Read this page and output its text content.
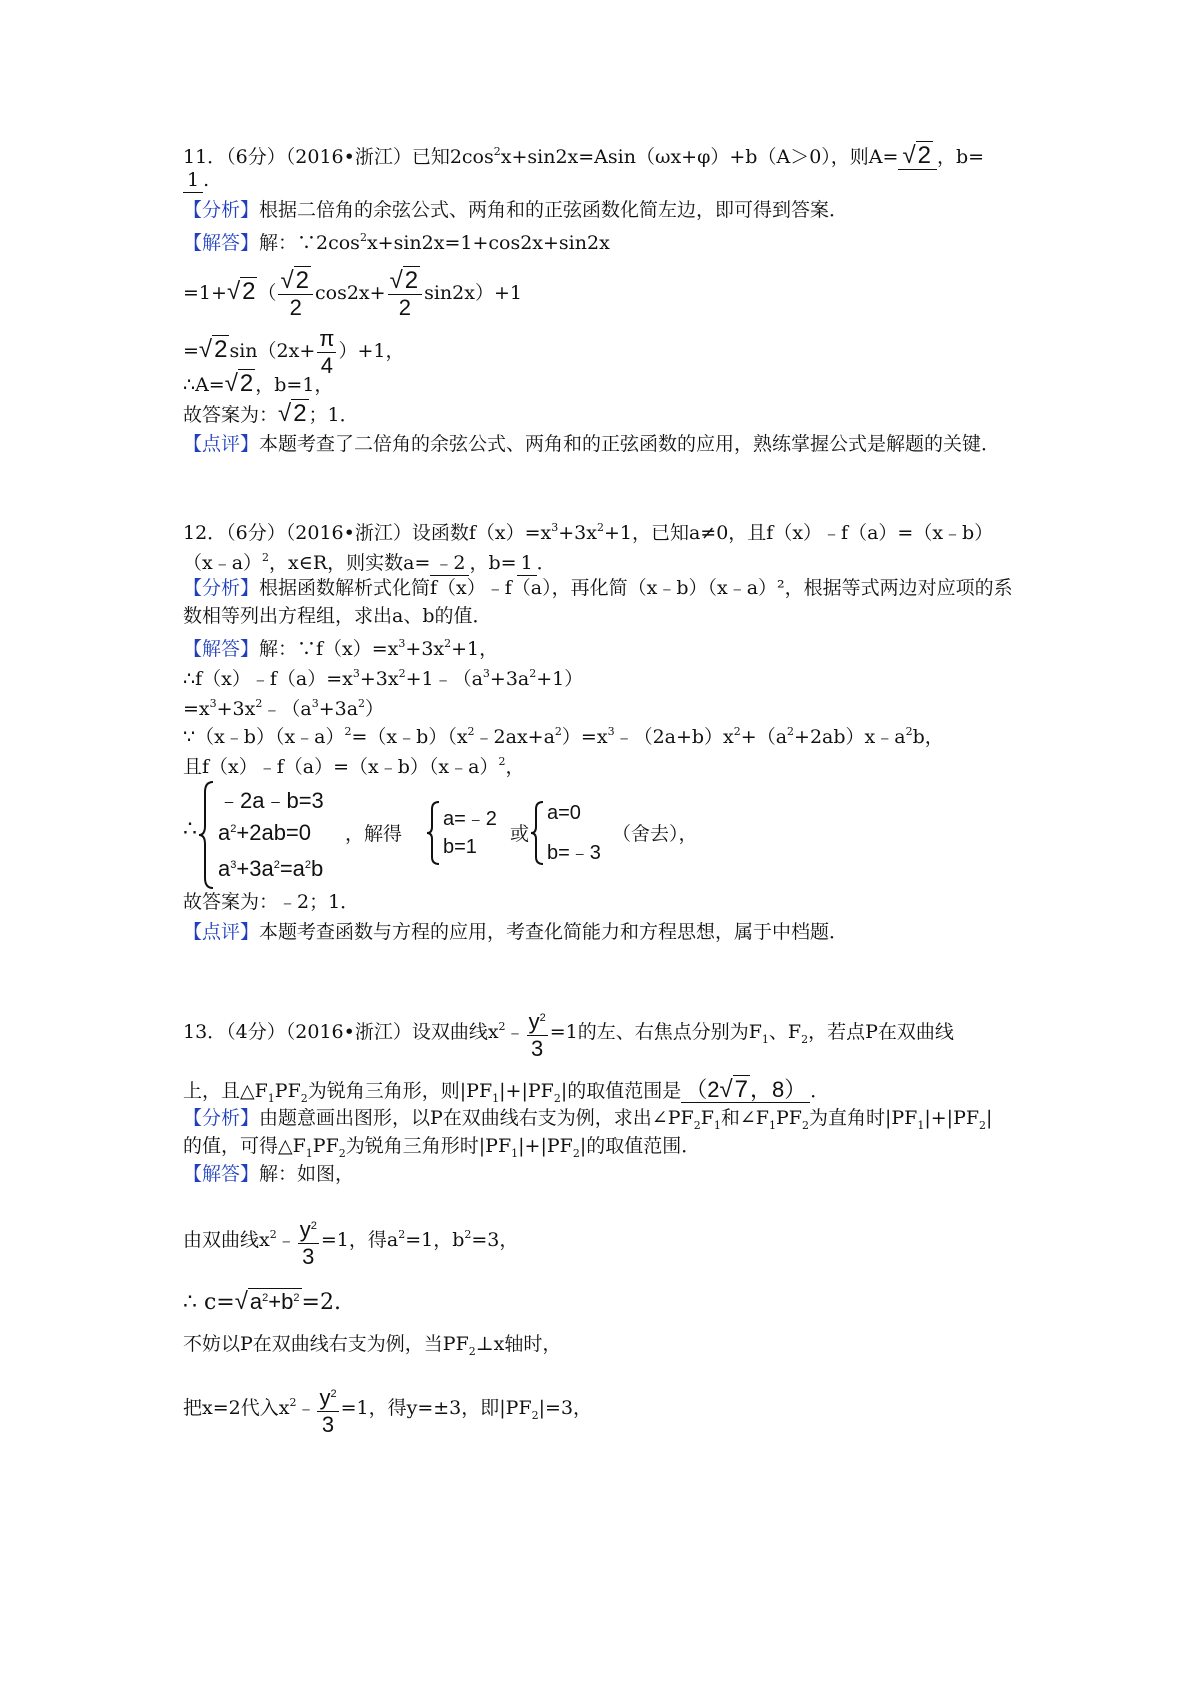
11．（6分）（2016•浙江）已知$2\cos^2x+\sin 2x=Asin(\omega x+\varphi)+b(A>0)$，则A= √2 ，b=
1 .
【分析】根据二倍角的余弦公式、两角和的正弦函数化简左边，即可得到答案．
【解答】解：$\because 2\cos^2x+\sin 2x=1+\cos 2x+\sin 2x$
=1+√2 （ $\frac{√2}{2} \cos 2x+ \frac{√2}{2} \sin 2x)+1$
=√2 $\sin(2x+ \frac{\pi}{4} )+1$，
∴A=√2 ，b=1，
故答案为：√2 ；1．
【点评】本题考查了二倍角的余弦公式、两角和的正弦函数的应用，熟练掌握公式是解题的关键．
12．（6分）（2016•浙江）设函数$f(x)=x^3+3x^2+1$，已知a≠0，且f（x）﹣f（a）=（x﹣b）
（x﹣a）$^2$，x∈R，则实数a= ﹣2 ，b= 1 ．
【分析】根据函数解析式化简f（x）﹣f（a），再化简（x﹣b）（x﹣a）²，根据等式两边对应项的系数相等列出方程组，求出a、b的值．
【解答】解：$\because f(x)=x^3+3x^2+1$，
$\therefore f(x)﹣f(a)=x^3+3x^2+1﹣(a^3+3a^2+1)$
$=x^3+3x^2﹣(a^3+3a^2)$
$\because(x﹣b)(x﹣a)^2=(x﹣b)(x^2﹣2ax+a^2)=x^3﹣(2a+b)x^2+(a^2+2ab)x﹣a^2b$，
且f（x）﹣f（a）=（x﹣b）（x﹣a）$^2$，
∴
﹣2a﹣b=3
$a^2+2ab=0$
$a^3+3a^2=a^2b$
，解得
a=﹣2
b=1
或
a=0
b=﹣3
（舍去），
故答案为：﹣2；1．
【点评】本题考查函数与方程的应用，考查化简能力和方程思想，属于中档题．
13．（4分）（2016•浙江）设双曲线$x^2﹣ \frac{y^2}{3} =1$的左、右焦点分别为$F_1$、$F_2$，若点P在双曲线
上，且$\triangle F_1PF_2$为锐角三角形，则$|PF_1|+|PF_2|$的取值范围是 （2√7，8） ．
【分析】由题意画出图形，以P在双曲线右支为例，求出$\angle PF_2F_1$和$\angle F_1PF_2$为直角时$|PF_1|+|PF_2|$
的值，可得$\triangle F_1PF_2$为锐角三角形时$|PF_1|+|PF_2|$的取值范围．
【解答】解：如图，
由双曲线$x^2﹣ \frac{y^2}{3} =1$，得$a^2=1$，$b^2=3$，
∴ $c=√a^2+b^2=2$.
不妨以P在双曲线右支为例，当$PF_2\perp x$轴时，
把x=2代入$x^2﹣ \frac{y^2}{3} =1$，得y=±3，即$|PF_2|=3$，
